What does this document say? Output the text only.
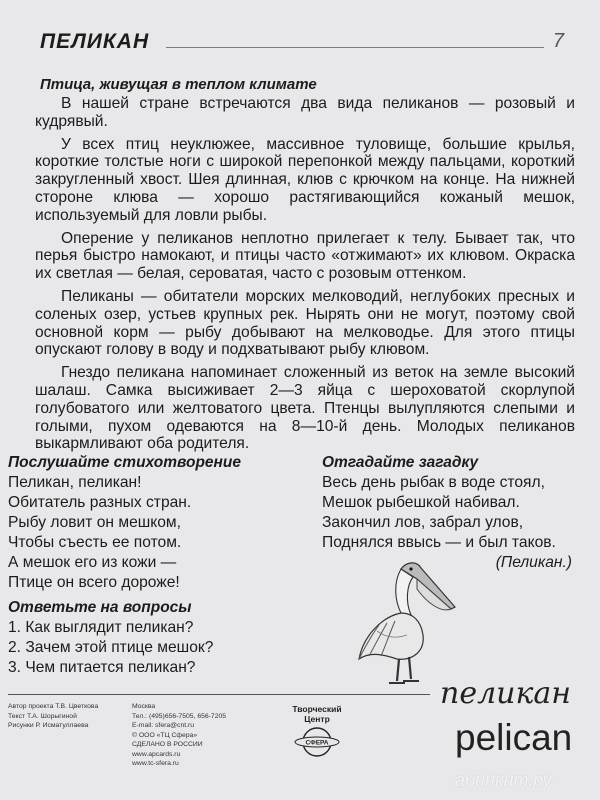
ПЕЛИКАН	7
Птица, живущая в теплом климате

В нашей стране встречаются два вида пеликанов — розовый и кудрявый.

У всех птиц неуклюжее, массивное туловище, большие крылья, короткие толстые ноги с широкой перепонкой между пальцами, короткий закругленный хвост. Шея длинная, клюв с крючком на конце. На нижней стороне клюва — хорошо растягивающийся кожаный мешок, используемый для ловли рыбы.

Оперение у пеликанов неплотно прилегает к телу. Бывает так, что перья быстро намокают, и птицы часто «отжимают» их клювом. Окраска их светлая — белая, сероватая, часто с розовым оттенком.

Пеликаны — обитатели морских мелководий, неглубоких пресных и соленых озер, устьев крупных рек. Нырять они не могут, поэтому свой основной корм — рыбу добывают на мелководье. Для этого птицы опускают голову в воду и подхватывают рыбу клювом.

Гнездо пеликана напоминает сложенный из веток на земле высокий шалаш. Самка высиживает 2—3 яйца с шероховатой скорлупой голубоватого или желтоватого цвета. Птенцы вылупляются слепыми и голыми, пухом одеваются на 8—10-й день. Молодых пеликанов выкармливают оба родителя.

Послушайте стихотворение
Пеликан, пеликан!
Обитатель разных стран.
Рыбу ловит он мешком,
Чтобы съесть ее потом.
А мешок его из кожи —
Птице он всего дороже!
Отгадайте загадку
Весь день рыбак в воде стоял,
Мешок рыбешкой набивал.
Закончил лов, забрал улов,
Поднялся ввысь — и был таков.
(Пеликан.)
Ответьте на вопросы
1. Как выглядит пеликан?
2. Зачем этой птице мешок?
3. Чем питается пеликан?
Автор проекта Т.В. Цветкова
Текст Т.А. Шорыгиной
Рисунки Р. Исматуллаева
Москва
Тел.: (495)656-7505, 656-7205
E-mail: sfera@cnt.ru
© ООО «ТЦ Сфера»
СДЕЛАНО В РОССИИ
www.apcards.ru
www.tc-sfera.ru
Творческий
Центр
СФЕРА
пеликан
pelican
абинкнт.ру
